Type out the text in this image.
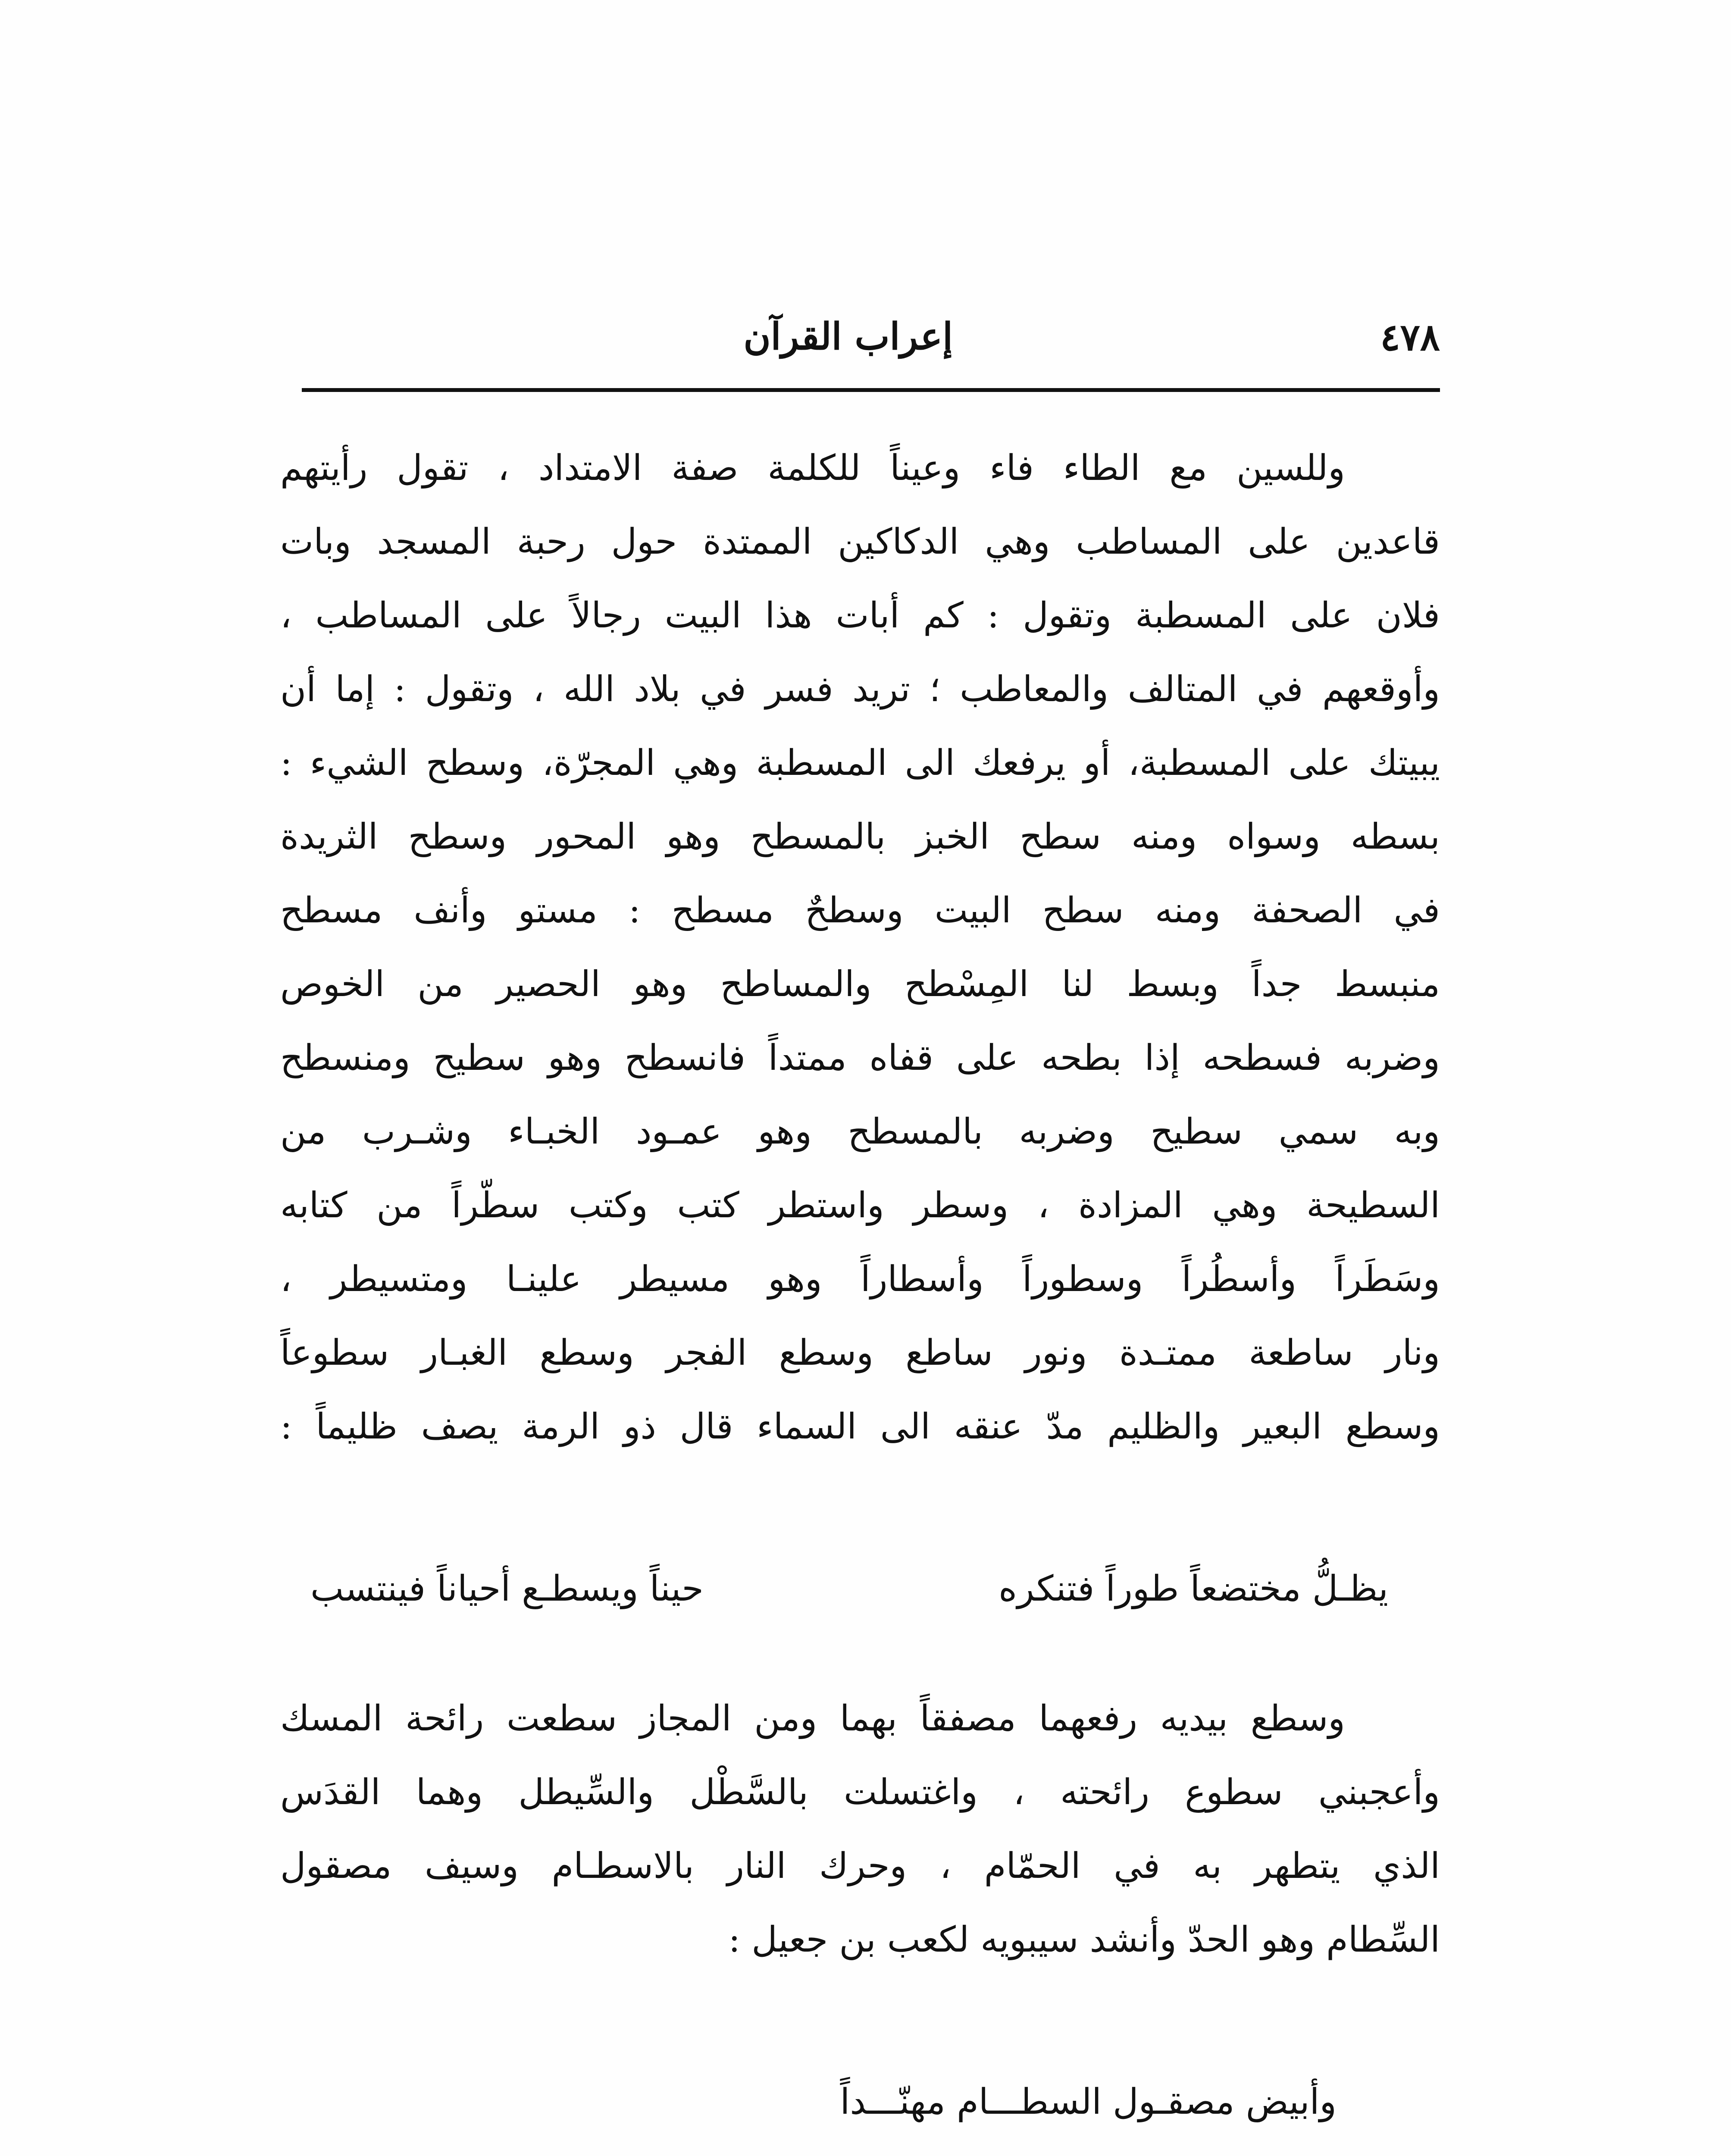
٤٧٨
إعراب القرآن
وللسين مع الطاء فاء وعيناً للكلمة صفة الامتداد ، تقول رأيتهم
قاعدين على المساطب وهي الدكاكين الممتدة حول رحبة المسجد وبات
فلان على المسطبة وتقول : كم أبات هذا البيت رجالاً على المساطب ،
وأوقعهم في المتالف والمعاطب ؛ تريد فسر في بلاد الله ، وتقول : إما أن
يبيتك على المسطبة، أو يرفعك الى المسطبة وهي المجرّة، وسطح الشيء :
بسطه وسواه ومنه سطح الخبز بالمسطح وهو المحور وسطح الثريدة
في الصحفة ومنه سطح البيت وسطحٌ مسطح : مستو وأنف مسطح
منبسط جداً وبسط لنا المِسْطح والمساطح وهو الحصير من الخوص
وضربه فسطحه إذا بطحه على قفاه ممتداً فانسطح وهو سطيح ومنسطح
وبه سمي سطيح وضربه بالمسطح وهو عمـود الخبـاء وشـرب من
السطيحة وهي المزادة ، وسطر واستطر كتب وكتب سطّراً من كتابه
وسَطَراً وأسطُراً وسطوراً وأسطاراً وهو مسيطر علينـا ومتسيطر ،
ونار ساطعة ممتـدة ونور ساطع وسطع الفجر وسطع الغبـار سطوعاً
وسطع البعير والظليم مدّ عنقه الى السماء قال ذو الرمة يصف ظليماً :
يظـلُّ مختضعاً طوراً فتنكره
حيناً ويسطـع أحياناً فينتسب
وسطع بيديه رفعهما مصفقاً بهما ومن المجاز سطعت رائحة المسك
وأعجبني سطوع رائحته ، واغتسلت بالسَّطْل والسِّيطل وهما القدَس
الذي يتطهر به في الحمّام ، وحرك النار بالاسطـام وسيف مصقول
السِّطام وهو الحدّ وأنشد سيبويه لكعب بن جعيل :
وأبيض مصقـول السطـــام مهنّـــداً
